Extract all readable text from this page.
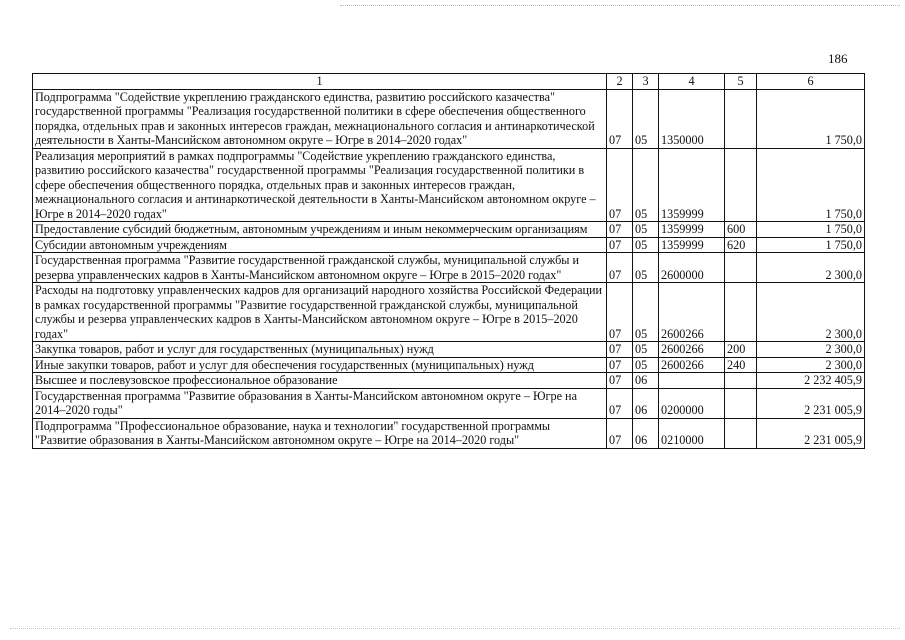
186
1	2	3	4	5	6
Подпрограмма "Содействие укреплению гражданского единства, развитию российского казачества" государственной программы "Реализация государственной политики в сфере обеспечения общественного порядка, отдельных прав и законных интересов граждан, межнационального согласия и антинаркотической деятельности в Ханты-Мансийском автономном округе – Югре в 2014–2020 годах"	07	05	1350000		1 750,0
Реализация мероприятий в рамках подпрограммы "Содействие укреплению гражданского единства, развитию российского казачества" государственной программы "Реализация государственной политики в сфере обеспечения общественного порядка, отдельных прав и законных интересов граждан, межнационального согласия и антинаркотической деятельности в Ханты-Мансийском автономном округе – Югре в 2014–2020 годах"	07	05	1359999		1 750,0
Предоставление субсидий бюджетным, автономным учреждениям и иным некоммерческим организациям	07	05	1359999	600	1 750,0
Субсидии автономным учреждениям	07	05	1359999	620	1 750,0
Государственная программа "Развитие государственной гражданской службы, муниципальной службы и резерва управленческих кадров в Ханты-Мансийском автономном округе – Югре в 2015–2020 годах"	07	05	2600000		2 300,0
Расходы на подготовку управленческих кадров для организаций народного хозяйства Российской Федерации в рамках государственной программы "Развитие государственной гражданской службы, муниципальной службы и резерва управленческих кадров в Ханты-Мансийском автономном округе – Югре в 2015–2020 годах"	07	05	2600266		2 300,0
Закупка товаров, работ и услуг для государственных (муниципальных) нужд	07	05	2600266	200	2 300,0
Иные закупки товаров, работ и услуг для обеспечения государственных (муниципальных) нужд	07	05	2600266	240	2 300,0
Высшее и послевузовское профессиональное образование	07	06			2 232 405,9
Государственная программа "Развитие образования в Ханты-Мансийском автономном округе – Югре на 2014–2020 годы"	07	06	0200000		2 231 005,9
Подпрограмма "Профессиональное образование, наука и технологии" государственной программы "Развитие образования в Ханты-Мансийском автономном округе – Югре на 2014–2020 годы"	07	06	0210000		2 231 005,9
